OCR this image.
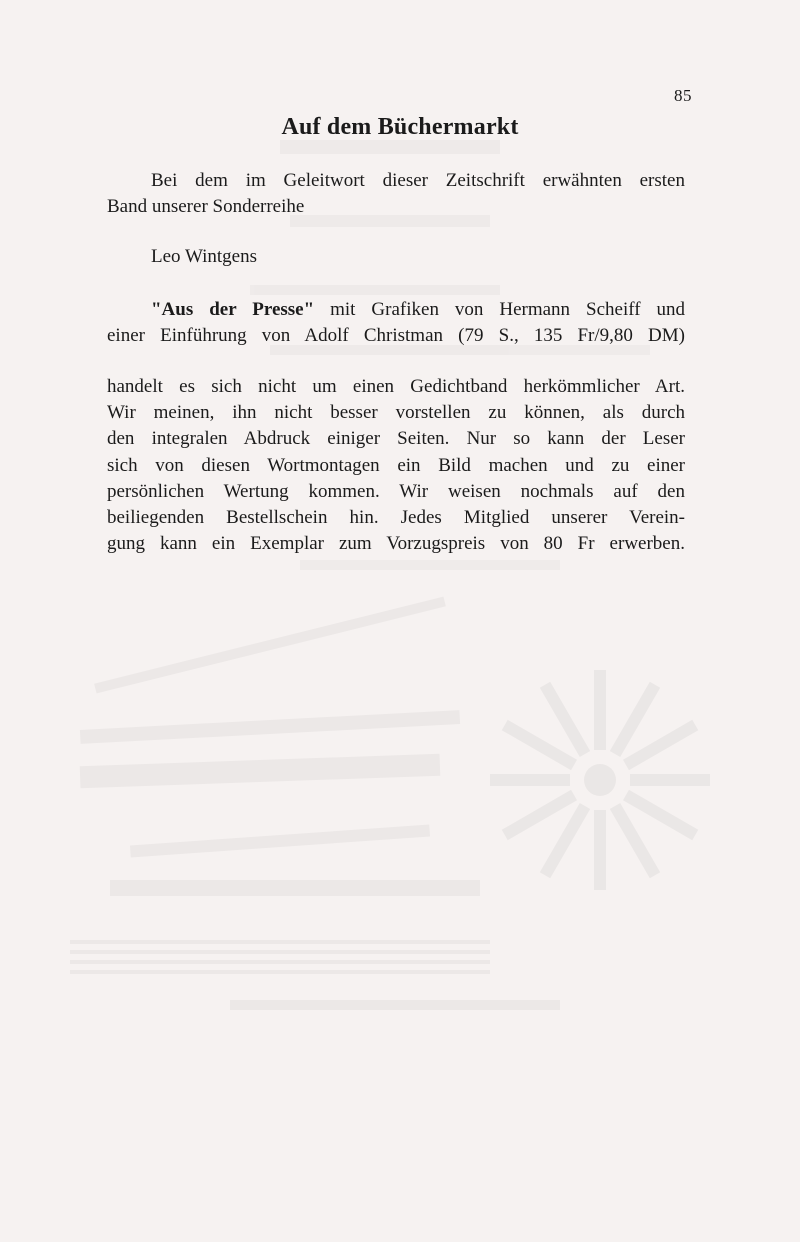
85
Auf dem Büchermarkt
Bei dem im Geleitwort dieser Zeitschrift erwähnten ersten
Band unserer Sonderreihe
Leo Wintgens
"Aus der Presse" mit Grafiken von Hermann Scheiff und
einer Einführung von Adolf Christman (79 S., 135 Fr/9,80 DM)
handelt es sich nicht um einen Gedichtband herkömmlicher Art.
Wir meinen, ihn nicht besser vorstellen zu können, als durch
den integralen Abdruck einiger Seiten. Nur so kann der Leser
sich von diesen Wortmontagen ein Bild machen und zu einer
persönlichen Wertung kommen. Wir weisen nochmals auf den
beiliegenden Bestellschein hin. Jedes Mitglied unserer Verein-
gung kann ein Exemplar zum Vorzugspreis von 80 Fr erwerben.
